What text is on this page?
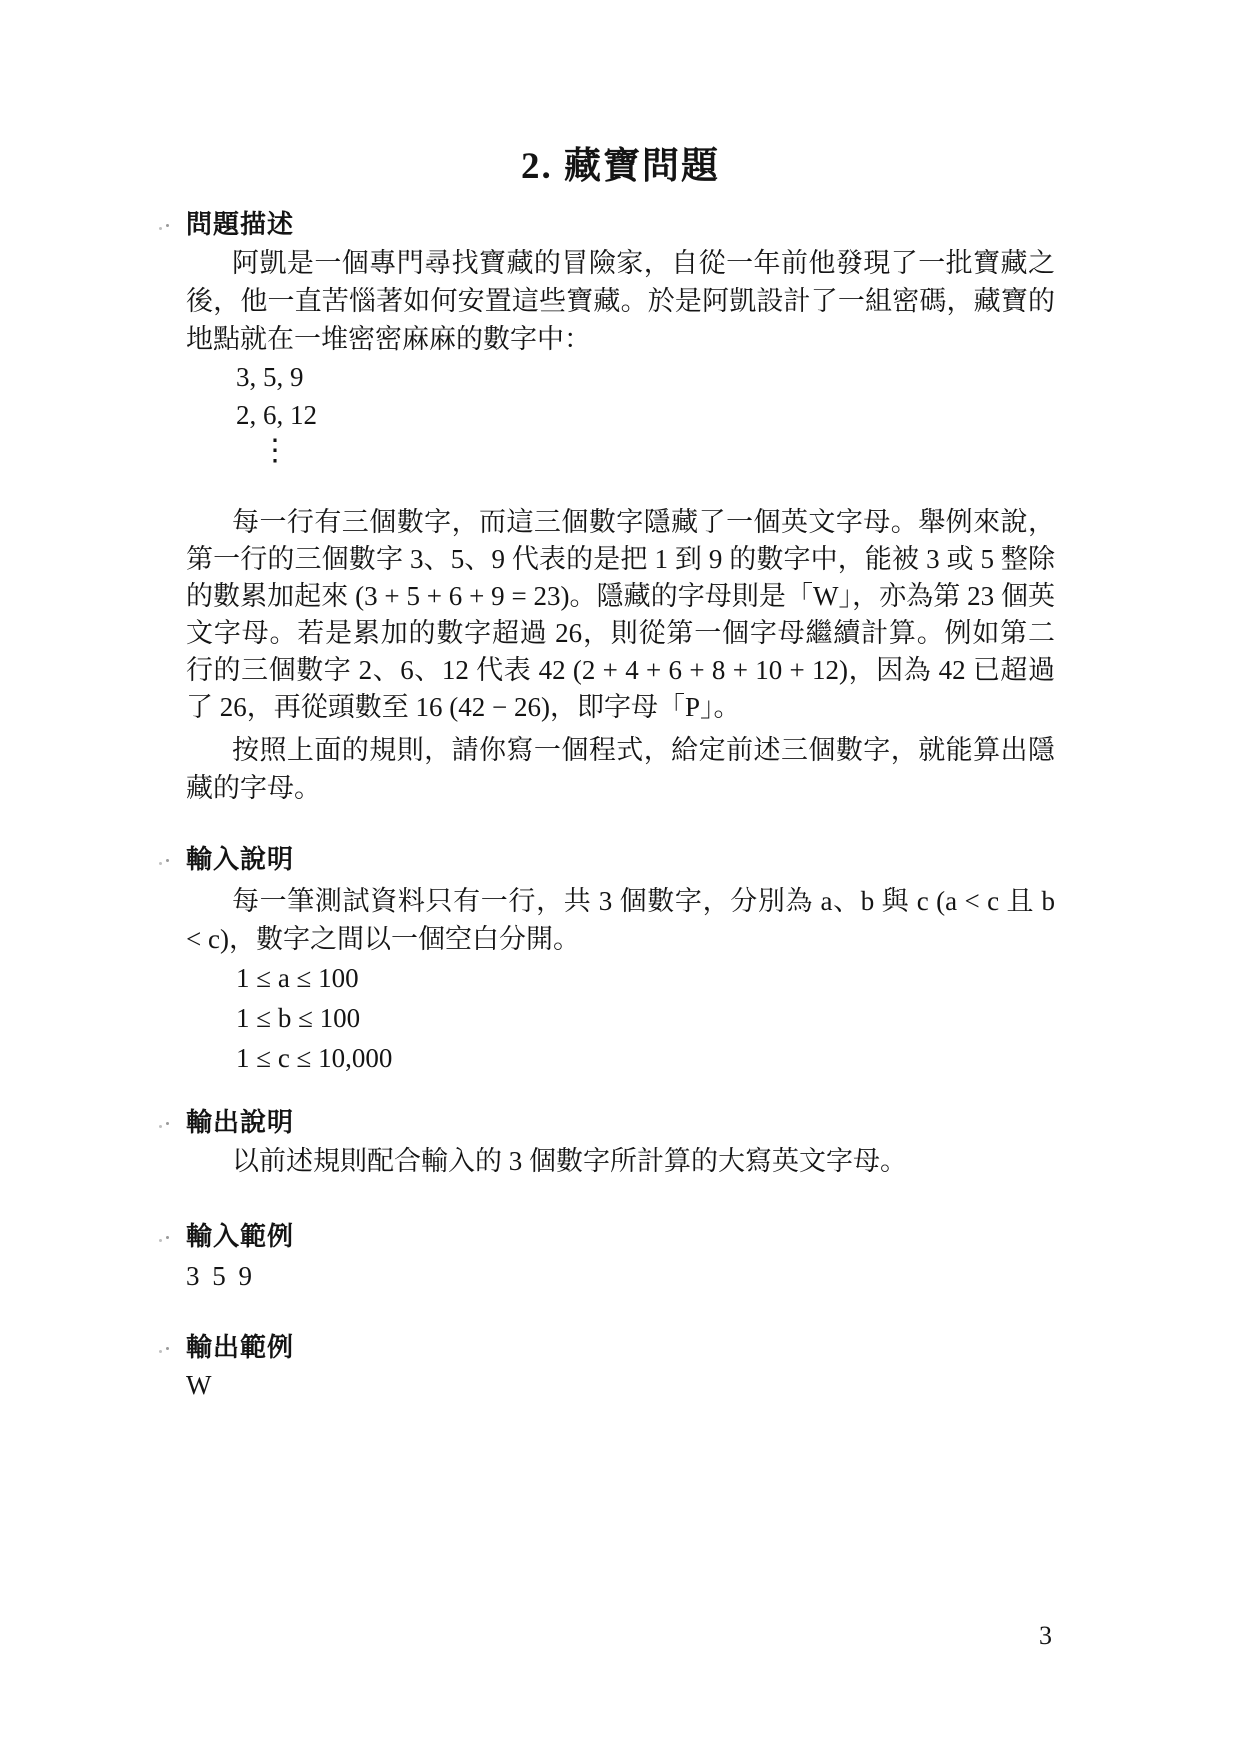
2. 藏寶問題
問題描述

阿凱是一個專門尋找寶藏的冒險家，自從一年前他發現了一批寶藏之後，他一直苦惱著如何安置這些寶藏。於是阿凱設計了一組密碼，藏寶的地點就在一堆密密麻麻的數字中：

3, 5, 9
2, 6, 12
⋮

每一行有三個數字，而這三個數字隱藏了一個英文字母。舉例來說，第一行的三個數字 3、5、9 代表的是把 1 到 9 的數字中，能被 3 或 5 整除的數累加起來 (3 + 5 + 6 + 9 = 23)。隱藏的字母則是「W」，亦為第 23 個英文字母。若是累加的數字超過 26，則從第一個字母繼續計算。例如第二行的三個數字 2、6、12 代表 42 (2 + 4 + 6 + 8 + 10 + 12)，因為 42 已超過了 26，再從頭數至 16 (42 − 26)，即字母「P」。

按照上面的規則，請你寫一個程式，給定前述三個數字，就能算出隱藏的字母。

輸入說明

每一筆測試資料只有一行，共 3 個數字，分別為 a、b 與 c (a < c 且 b < c)，數字之間以一個空白分開。

1 ≤ a ≤ 100
1 ≤ b ≤ 100
1 ≤ c ≤ 10,000
輸出說明

以前述規則配合輸入的 3 個數字所計算的大寫英文字母。

輸入範例
3 5 9
輸出範例
W
3
